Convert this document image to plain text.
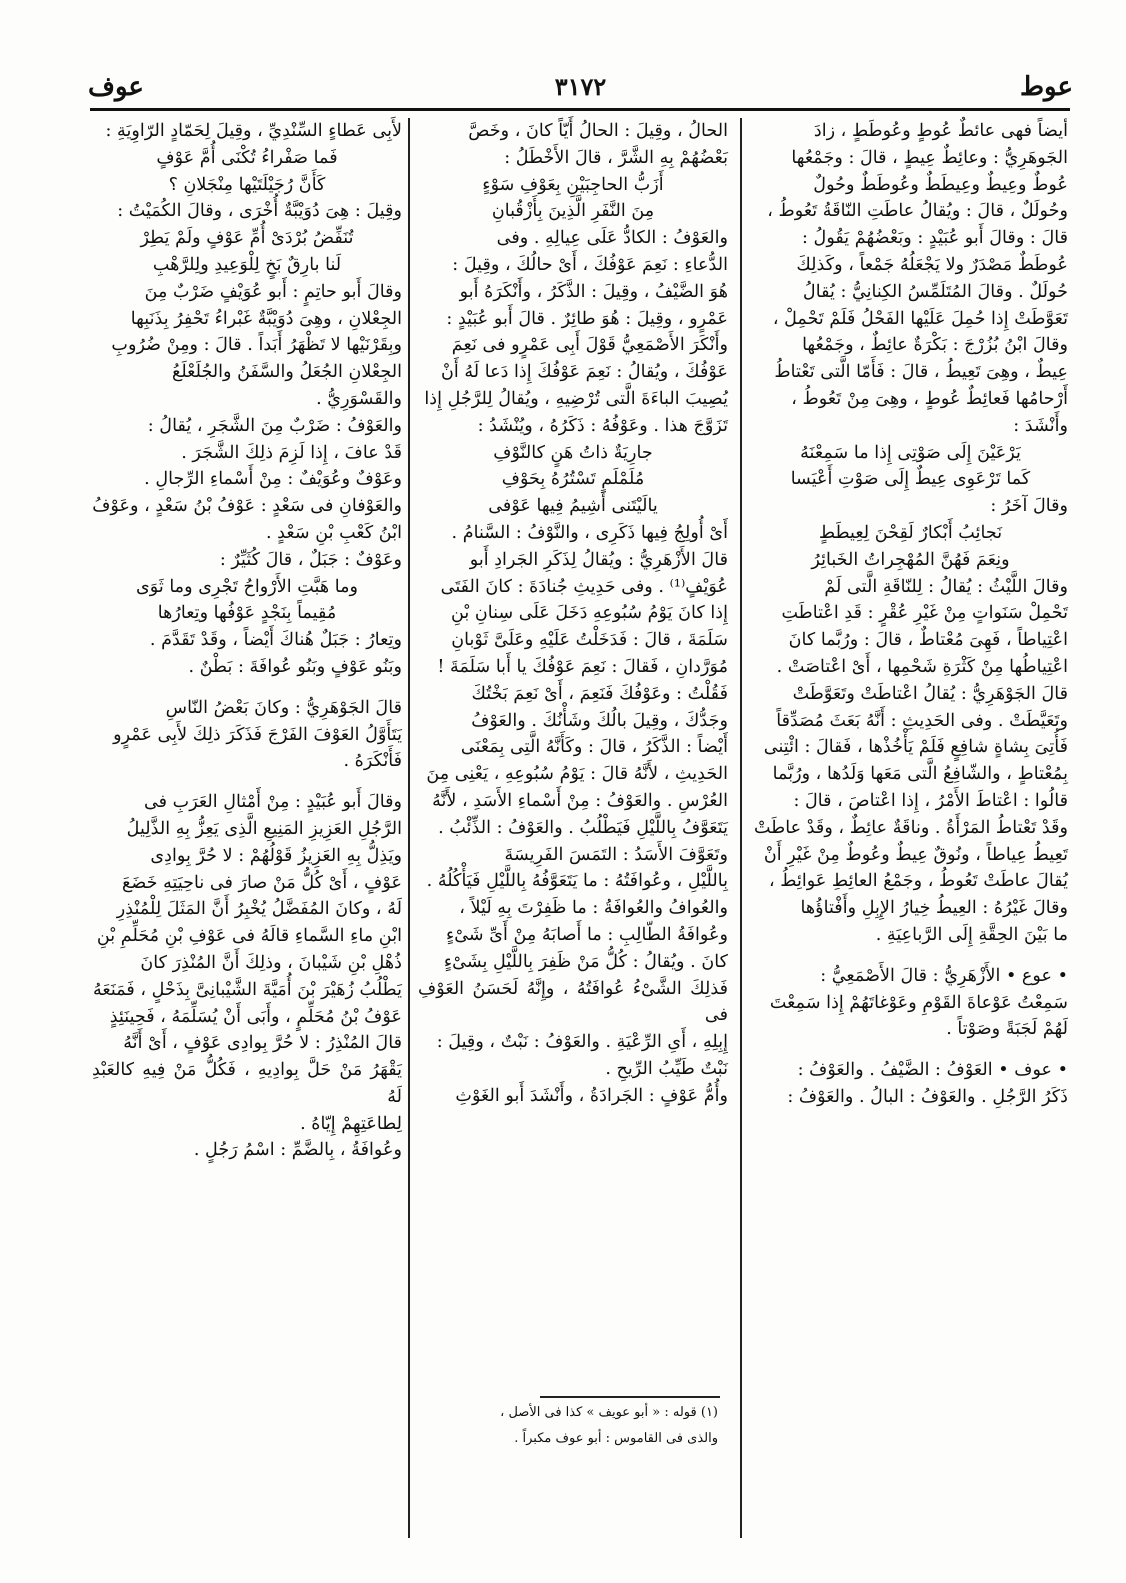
عوط
٣١٧٢
عوف

أيضاً فهى عائطٌ عُوطٍ وعُوطَطٍ ، زادَ

الجَوهَرِيُّ : وعائِطٌ عِيطٍ ، قالَ : وجَمْعُها

عُوطٌ وعِيطٌ وعِيطَطٌ وعُوطَطٌ وحُولٌ

وحُولَلٌ ، قالَ : ويُقالُ عاطَتِ النّاقَةُ تَعُوطُ ،

قالَ : وقالَ أَبو عُبَيْدٍ : وبَعْضُهُمْ يَقُولُ :

عُوطَطٌ مَصْدَرٌ ولا يَجْعَلُهُ جَمْعاً ، وكَذلِكَ

حُولَلٌ . وقالَ المُتَلَمِّسُ الكِنانِيُّ : يُقالُ

تَعَوَّطَتْ إِذا حُمِلَ عَلَيْها الفَحْلُ فَلَمْ تَحْمِلْ ،

وقالَ ابْنُ بُزُرْجَ : بَكْرَةٌ عائِطٌ ، وجَمْعُها

عِيطٌ ، وهِىَ تَعِيطُ ، قالَ : فَأَمّا الَّتى تَعْتاطُ

أَرْحامُها فَعائِطٌ عُوطٍ ، وهِىَ مِنْ تَعُوطُ ،

وأَنْشَدَ :

يَرْعَيْنَ إِلَى صَوْتِى إِذا ما سَمِعْنَهُ

كَما تَرْعَوِى عِيطٌ إِلَى صَوْتِ أَعْيَسا

وقالَ آخَرُ :

نَجائِبُ أَبْكارٌ لَقِحْنَ لِعِيطَطٍ

ونِعَمَ فَهُنَّ المُهْجِراتُ الخَبائِرُ

وقالَ اللَّيْثُ : يُقالُ : لِلنّاقَةِ الَّتى لَمْ

تَحْمِلْ سَنَواتٍ مِنْ غَيْرِ عُقْرٍ : قَدِ اعْتاطَتِ

اعْتِياطاً ، فَهِىَ مُعْتاطٌ ، قالَ : ورُبَّما كانَ

اعْتِياطُها مِنْ كَثْرَةِ شَحْمِها ، أَىْ اعْتاصَتْ .

قالَ الجَوْهَرِيُّ : يُقالُ اعْتاطَتْ وتَعَوَّطَتْ

وتَعَيَّطَتْ . وفى الحَدِيثِ : أَنَّهُ بَعَثَ مُصَدِّقاً

فَأُتِىَ بِشاةٍ شافِعٍ فَلَمْ يَأْخُذْها ، فَقالَ : ائْتِنى

بِمُعْتاطٍ ، والشّافِعُ الَّتى مَعَها وَلَدُها ، ورُبَّما

قالُوا : اعْتاطَ الأَمْرُ ، إِذا اعْتاصَ ، قالَ :

وقَدْ تَعْتاطُ المَرْأَةُ . وناقَةٌ عائِطٌ ، وقَدْ عاطَتْ

تَعِيطُ عِياطاً ، ونُوقٌ عِيطٌ وعُوطٌ مِنْ غَيْرِ أَنْ

يُقالَ عاطَتْ تَعُوطُ ، وجَمْعُ العائِطِ عَوائِطُ ،

وقالَ غَيْرُهُ : العِيطُ خِيارُ الإِبِلِ وأَفْتاؤُها

ما بَيْنَ الحِقَّةِ إِلَى الرَّباعِيَةِ .

• عوع • الأَزْهَرِيُّ : قالَ الأَصْمَعِيُّ :

سَمِعْتُ عَوْعاةَ القَوْمِ وعَوْغاتَهُمْ إِذا سَمِعْتَ

لَهُمْ لَجَبَةً وصَوْتاً .

• عوف • العَوْفُ : الضَّيْفُ . والعَوْفُ :

ذَكَرُ الرَّجُلِ . والعَوْفُ : البالُ . والعَوْفُ :

الحالُ ، وقِيلَ : الحالُ أَيّاً كانَ ، وخَصَّ

بَعْضُهُمْ بِهِ الشَّرَّ ، قالَ الأَخْطَلُ :

أَزَبُّ الحاجِبَيْنِ بِعَوْفِ سَوْءٍ

مِنَ النَّفَرِ الَّذِينَ بِأَزْقُبانِ

والعَوْفُ : الكادُّ عَلَى عِيالِهِ . وفى

الدُّعاءِ : نَعِمَ عَوْفُكَ ، أَىْ حالُكَ ، وقِيلَ :

هُوَ الضَّيْفُ ، وقِيلَ : الذَّكَرُ ، وأَنْكَرَهُ أَبو

عَمْرٍو ، وقِيلَ : هُوَ طائِرٌ . قالَ أَبو عُبَيْدٍ :

وأَنْكَرَ الأَصْمَعِيُّ قَوْلَ أَبِى عَمْرٍو فى نَعِمَ

عَوْفُكَ ، ويُقالُ : نَعِمَ عَوْفُكَ إِذا دَعا لَهُ أَنْ

يُصِيبَ الباءَةَ الَّتى تُرْضِيهِ ، ويُقالُ لِلرَّجُلِ إِذا

تَزَوَّجَ هذا . وعَوْفُهُ : ذَكَرُهُ ، ويُنْشَدُ :

جارِيَةٌ ذاتُ هَنٍ كالنَّوْفِ

مُلَمْلَمٍ تَسْتُرُهُ بِحَوْفِ

يالَيْتَنى أَشِيمُ فِيها عَوْفى

أَىْ أُولِجُ فِيها ذَكَرِى ، والنَّوْفُ : السَّنامُ .

قالَ الأَزْهَرِيُّ : ويُقالُ لِذَكَرِ الجَرادِ أَبو

عُوَيْفٍ⁽¹⁾ . وفى حَدِيثِ جُنادَةَ : كانَ الفَتَى

إِذا كانَ يَوْمُ سُبُوعِهِ دَخَلَ عَلَى سِنانِ بْنِ

سَلَمَةَ ، قالَ : فَدَخَلْتُ عَلَيْهِ وعَلَىَّ ثَوْبانِ

مُوَرَّدانِ ، فَقالَ : نَعِمَ عَوْفُكَ يا أَبا سَلَمَةَ !

فَقُلْتُ : وعَوْفُكَ فَنَعِمَ ، أَىْ نَعِمَ بَخْتُكَ

وجَدُّكَ ، وقِيلَ بالُكَ وشَأْنُكَ . والعَوْفُ

أَيْضاً : الذَّكَرُ ، قالَ : وكَأَنَّهُ الَّتِى بِمَعْنَى

الحَدِيثِ ، لأَنَّهُ قالَ : يَوْمُ سُبُوعِهِ ، يَعْنِى مِنَ

العُرْسِ . والعَوْفُ : مِنْ أَسْماءِ الأَسَدِ ، لأَنَّهُ

يَتَعَوَّفُ بِاللَّيْلِ فَيَطْلُبُ . والعَوْفُ : الذِّئْبُ .

وتَعَوَّفَ الأَسَدُ : التَمَسَ الفَرِيسَةَ

بِاللَّيْلِ ، وعُوافَتُهُ : ما يَتَعَوَّفُهُ بِاللَّيْلِ فَيَأْكُلُهُ .

والعُوافُ والعُوافَةُ : ما ظَفِرْتَ بِهِ لَيْلاً ،

وعُوافَةُ الطّالِبِ : ما أَصابَهُ مِنْ أَىِّ شَىْءٍ

كانَ . ويُقالُ : كُلُّ مَنْ ظَفِرَ بِاللَّيْلِ بِشَىْءٍ

فَذلِكَ الشَّىْءُ عُوافَتُهُ ، وإِنَّهُ لَحَسَنُ العَوْفِ فى

إِبِلِهِ ، أَىِ الرِّعْيَةِ . والعَوْفُ : نَبْتٌ ، وقِيلَ :

نَبْتٌ طَيِّبُ الرِّيحِ .

وأُمُّ عَوْفٍ : الجَرادَةُ ، وأَنْشَدَ أَبو الغَوْثِ

لأَبِى عَطاءٍ السِّنْدِيِّ ، وقِيلَ لِحَمّادٍ الرّاوِيَةِ :

فَما صَفْراءُ تُكْنَى أُمَّ عَوْفٍ

كَأَنَّ رُجَيْلَتَيْها مِنْجَلانِ ؟

وقِيلَ : هِىَ دُوَيْبَّةٌ أُخْرَى ، وقالَ الكُمَيْتُ :

تُنَفِّضُ بُرْدَىْ أُمِّ عَوْفٍ ولَمْ يَطِرْ

لَنا بارِقٌ بَخٍ لِلْوَعِيدِ ولِلرَّهْبِ

وقالَ أَبو حاتِمٍ : أَبو عُوَيْفٍ ضَرْبٌ مِنَ

الجِعْلانِ ، وهِىَ دُوَيْبَّةٌ غَبْراءُ تَحْفِرُ بِذَنَبِها

وبِقَرْنَيْها لا تَظْهَرُ أَبَداً . قالَ : ومِنْ ضُرُوبِ

الجِعْلانِ الجُعَلُ والسَّفَنُ والجُلَعْلَعُ

والقَسْوَرِيُّ .

والعَوْفُ : ضَرْبٌ مِنَ الشَّجَرِ ، يُقالُ :

قَدْ عافَ ، إِذا لَزِمَ ذلِكَ الشَّجَرَ .

وعَوْفٌ وعُوَيْفٌ : مِنْ أَسْماءِ الرِّجالِ .

والعَوْفانِ فى سَعْدٍ : عَوْفُ بْنُ سَعْدٍ ، وعَوْفُ

ابْنُ كَعْبِ بْنِ سَعْدٍ .

وعَوْفٌ : جَبَلٌ ، قالَ كُثَيِّرٌ :

وما هَبَّتِ الأَرْواحُ تَجْرِى وما ثَوَى

مُقِيماً بِنَجْدٍ عَوْفُها وتِعارُها

وتِعارُ : جَبَلٌ هُناكَ أَيْضاً ، وقَدْ تَقَدَّمَ .

وبَنُو عَوْفٍ وبَنُو عُوافَةَ : بَطْنٌ .

قالَ الجَوْهَرِيُّ : وكانَ بَعْضُ النّاسِ

يَتَأَوَّلُ العَوْفَ الفَرْجَ فَذَكَرَ ذلِكَ لأَبِى عَمْرٍو

فَأَنْكَرَهُ .

وقالَ أَبو عُبَيْدٍ : مِنْ أَمْثالِ العَرَبِ فى

الرَّجُلِ العَزِيزِ المَنِيعِ الَّذِى يَعِزُّ بِهِ الذَّلِيلُ

ويَذِلُّ بِهِ العَزِيزُ قَوْلُهُمْ : لا حُرَّ بِوادِى

عَوْفٍ ، أَىْ كُلُّ مَنْ صارَ فى ناحِيَتِهِ خَضَعَ

لَهُ ، وكانَ المُفَضَّلُ يُخْبِرُ أَنَّ المَثَلَ لِلْمُنْذِرِ

ابْنِ ماءِ السَّماءِ قالَهُ فى عَوْفِ بْنِ مُحَلِّمِ بْنِ

ذُهْلِ بْنِ شَيْبانَ ، وذلِكَ أَنَّ المُنْذِرَ كانَ

يَطْلُبُ زُهَيْرَ بْنَ أُمَيَّةَ الشَّيْبانِىَّ بِذَحْلٍ ، فَمَنَعَهُ

عَوْفُ بْنُ مُحَلِّمٍ ، وأَبَى أَنْ يُسَلِّمَهُ ، فَحِينَئِذٍ

قالَ المُنْذِرُ : لا حُرَّ بِوادِى عَوْفٍ ، أَىْ أَنَّهُ

يَقْهَرُ مَنْ حَلَّ بِوادِيهِ ، فَكُلُّ مَنْ فِيهِ كالعَبْدِ لَهُ

لِطاعَتِهِمْ إِيّاهُ .

وعُوافَةُ ، بِالضَّمِّ : اسْمُ رَجُلٍ .

(١) قوله : « أبو عويف » كذا فى الأصل ،

والذى فى القاموس : أبو عوف مكبراً .
